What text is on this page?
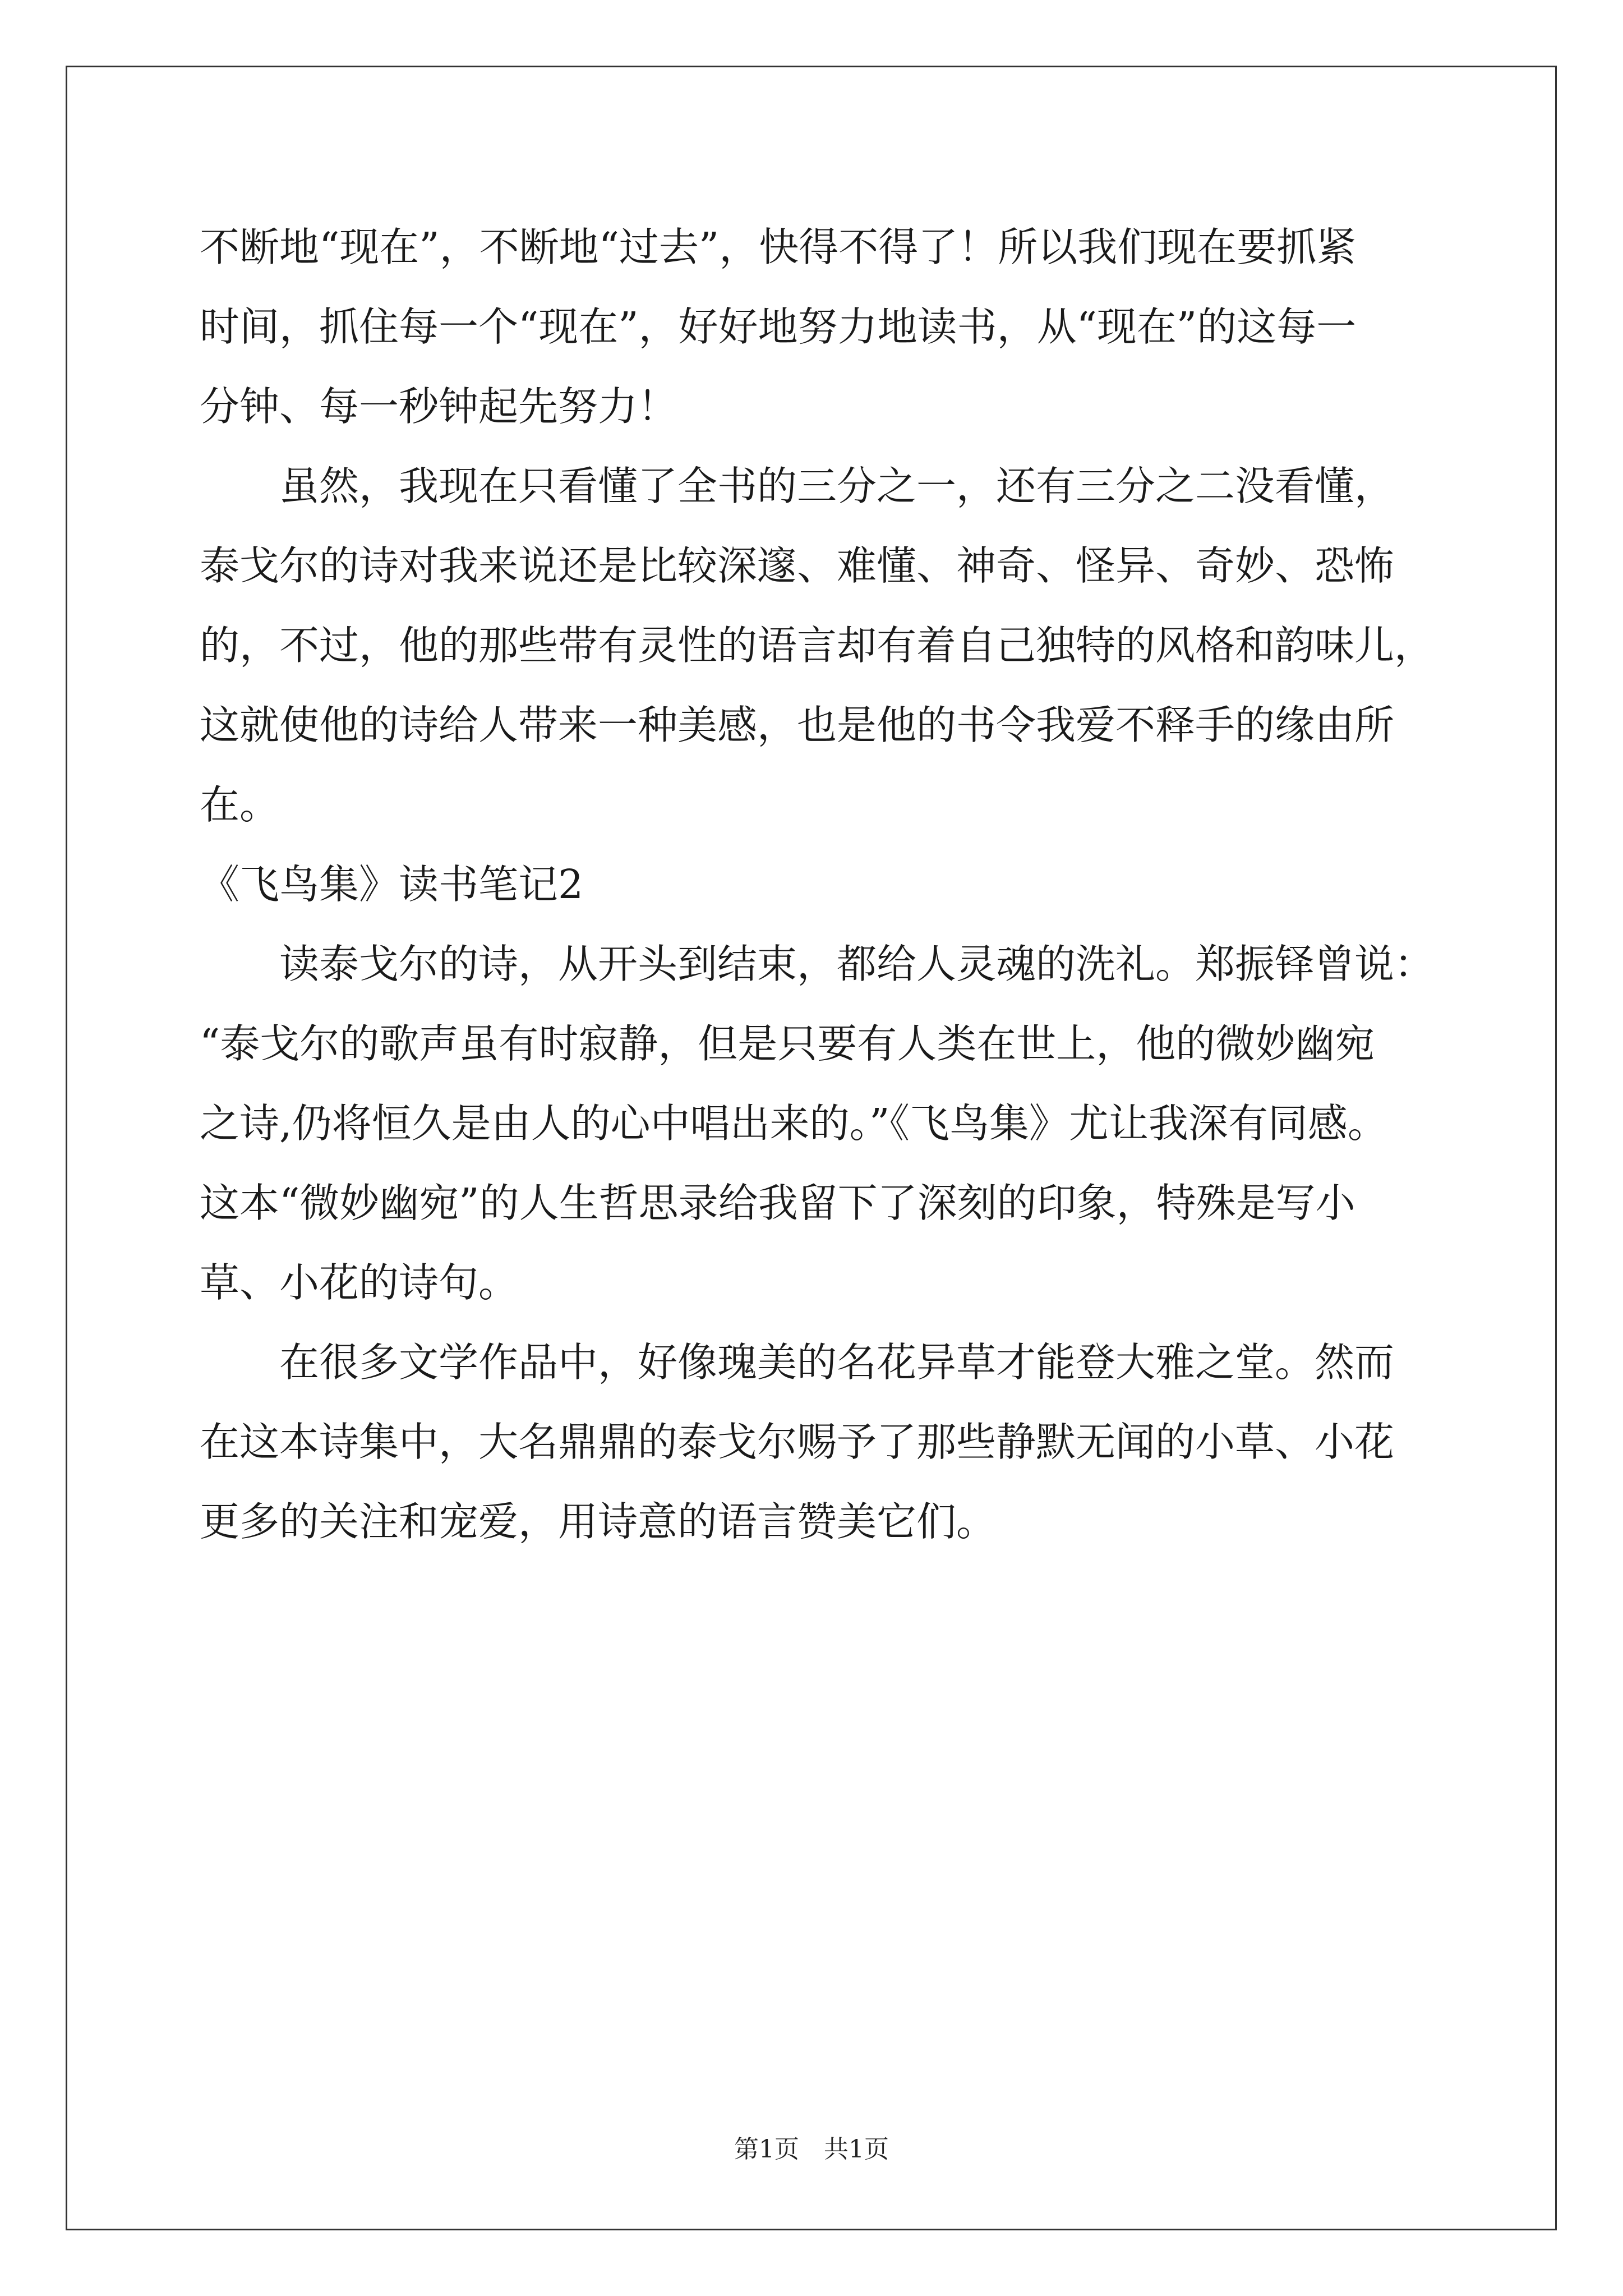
不断地“现在”，不断地“过去”，快得不得了！所以我们现在要抓紧
时间，抓住每一个“现在”，好好地努力地读书，从“现在”的这每一
分钟、每一秒钟起先努力！
　　虽然，我现在只看懂了全书的三分之一，还有三分之二没看懂，
泰戈尔的诗对我来说还是比较深邃、难懂、神奇、怪异、奇妙、恐怖
的，不过，他的那些带有灵性的语言却有着自己独特的风格和韵味儿，
这就使他的诗给人带来一种美感，也是他的书令我爱不释手的缘由所
在。
《飞鸟集》读书笔记2
　　读泰戈尔的诗，从开头到结束，都给人灵魂的洗礼。郑振铎曾说：
“泰戈尔的歌声虽有时寂静，但是只要有人类在世上，他的微妙幽宛
之诗,仍将恒久是由人的心中唱出来的。”《飞鸟集》尤让我深有同感。
这本“微妙幽宛”的人生哲思录给我留下了深刻的印象，特殊是写小
草、小花的诗句。
　　在很多文学作品中，好像瑰美的名花异草才能登大雅之堂。然而
在这本诗集中，大名鼎鼎的泰戈尔赐予了那些静默无闻的小草、小花
更多的关注和宠爱，用诗意的语言赞美它们。
第1页　共1页
